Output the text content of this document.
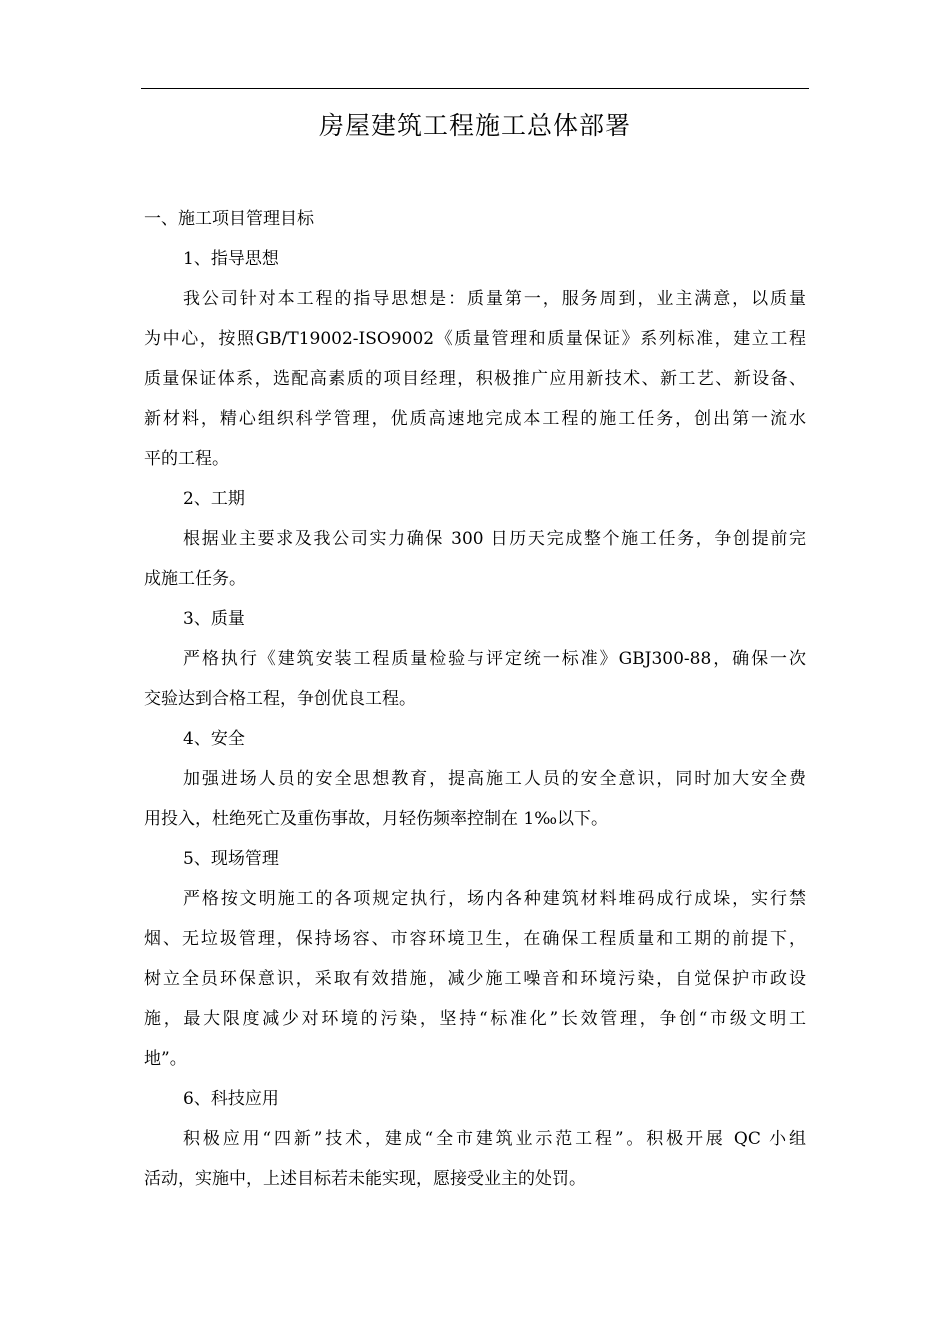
房屋建筑工程施工总体部署
一、施工项目管理目标
1、指导思想
我公司针对本工程的指导思想是：质量第一，服务周到，业主满意，以质量
为中心，按照GB/T19002-ISO9002《质量管理和质量保证》系列标准，建立工程
质量保证体系，选配高素质的项目经理，积极推广应用新技术、新工艺、新设备、
新材料，精心组织科学管理，优质高速地完成本工程的施工任务，创出第一流水
平的工程。
2、工期
根据业主要求及我公司实力确保 300 日历天完成整个施工任务，争创提前完
成施工任务。
3、质量
严格执行《建筑安装工程质量检验与评定统一标准》GBJ300-88，确保一次
交验达到合格工程，争创优良工程。
4、安全
加强进场人员的安全思想教育，提高施工人员的安全意识，同时加大安全费
用投入，杜绝死亡及重伤事故，月轻伤频率控制在 1‰以下。
5、现场管理
严格按文明施工的各项规定执行，场内各种建筑材料堆码成行成垛，实行禁
烟、无垃圾管理，保持场容、市容环境卫生，在确保工程质量和工期的前提下，
树立全员环保意识，采取有效措施，减少施工噪音和环境污染，自觉保护市政设
施，最大限度减少对环境的污染，坚持“标准化”长效管理，争创“市级文明工
地”。
6、科技应用
积极应用“四新”技术，建成“全市建筑业示范工程”。积极开展 QC 小组
活动，实施中，上述目标若未能实现，愿接受业主的处罚。
